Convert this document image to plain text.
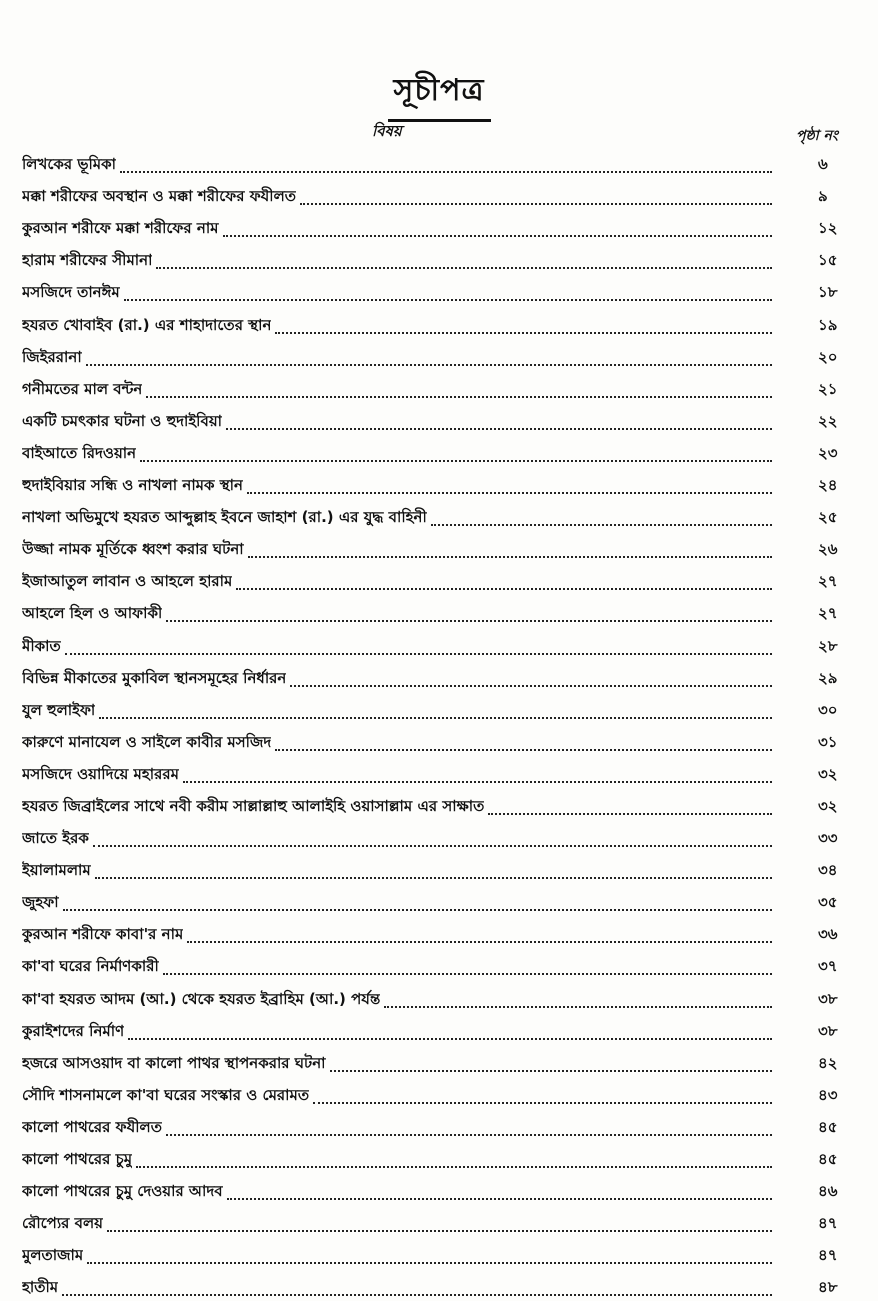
সূচীপত্র
বিষয়	পৃষ্ঠা নং
লিখকের ভূমিকা	৬
মক্কা শরীফের অবস্থান ও মক্কা শরীফের ফযীলত	৯
কুরআন শরীফে মক্কা শরীফের নাম	১২
হারাম শরীফের সীমানা	১৫
মসজিদে তানঈম	১৮
হযরত খোবাইব (রা.) এর শাহাদাতের স্থান	১৯
জিইররানা	২০
গনীমতের মাল বন্টন	২১
একটি চমৎকার ঘটনা ও হুদাইবিয়া	২২
বাইআতে রিদওয়ান	২৩
হুদাইবিয়ার সন্ধি ও নাখলা নামক স্থান	২৪
নাখলা অভিমুখে হযরত আব্দুল্লাহ ইবনে জাহাশ (রা.) এর যুদ্ধ বাহিনী	২৫
উজ্জা নামক মূর্তিকে ধ্বংশ করার ঘটনা	২৬
ইজাআতুল লাবান ও আহলে হারাম	২৭
আহলে হিল ও আফাকী	২৭
মীকাত	২৮
বিভিন্ন মীকাতের মুকাবিল স্থানসমূহের নির্ধারন	২৯
যুল হুলাইফা	৩০
কারুণে মানাযেল ও সাইলে কাবীর মসজিদ	৩১
মসজিদে ওয়াদিয়ে মহাররম	৩২
হযরত জিব্রাইলের সাথে নবী করীম সাল্লাল্লাহু আলাইহি ওয়াসাল্লাম এর সাক্ষাত	৩২
জাতে ইরক	৩৩
ইয়ালামলাম	৩৪
জুহফা	৩৫
কুরআন শরীফে কাবা'র নাম	৩৬
কা'বা ঘরের নির্মাণকারী	৩৭
কা'বা হযরত আদম (আ.) থেকে হযরত ইব্রাহিম (আ.) পর্যন্ত	৩৮
কুরাইশদের নির্মাণ	৩৮
হজরে আসওয়াদ বা কালো পাথর স্থাপনকরার ঘটনা	৪২
সৌদি শাসনামলে কা'বা ঘরের সংস্কার ও মেরামত	৪৩
কালো পাথরের ফযীলত	৪৫
কালো পাথরের চুমু	৪৫
কালো পাথরের চুমু দেওয়ার আদব	৪৬
রৌপ্যের বলয়	৪৭
মুলতাজাম	৪৭
হাতীম	৪৮
